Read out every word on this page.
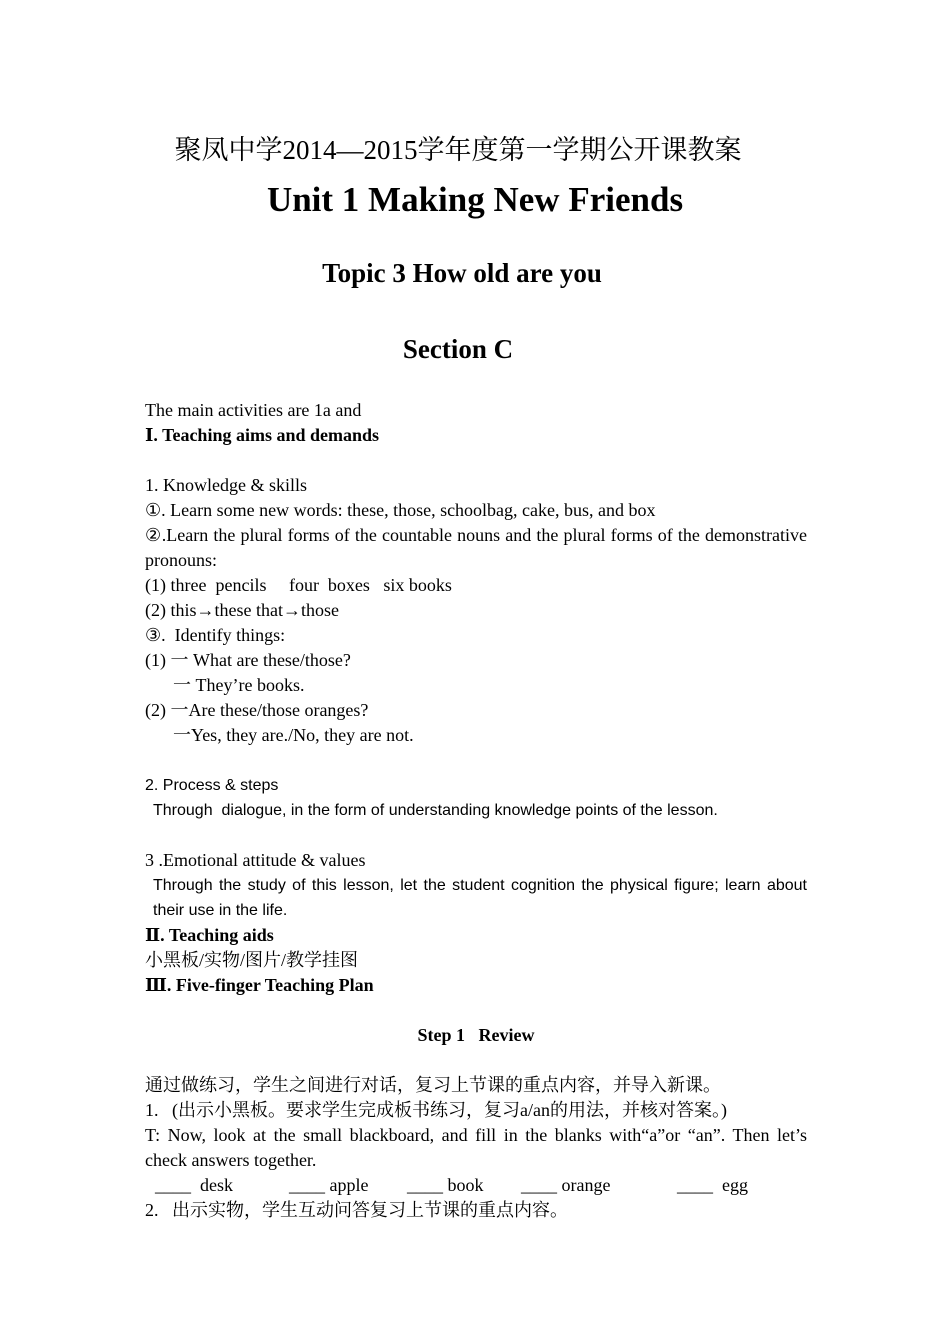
聚凤中学2014—2015学年度第一学期公开课教案
Unit 1 Making New Friends
Topic 3 How old are you
Section C
The main activities are 1a and
Ⅰ. Teaching aims and demands
1. Knowledge & skills
①. Learn some new words: these, those, schoolbag, cake, bus, and box
②.Learn the plural forms of the countable nouns and the plural forms of the demonstrative pronouns:
(1) three  pencils     four  boxes   six books
(2) this→these that→those
③.  Identify things:
(1) 一 What are these/those?
一 They’re books.
(2) 一Are these/those oranges?
一Yes, they are./No, they are not.
2. Process & steps
Through  dialogue, in the form of understanding knowledge points of the lesson.
3 .Emotional attitude & values
Through the study of this lesson, let the student cognition the physical figure; learn about their use in the life.
Ⅱ. Teaching aids
小黑板/实物/图片/教学挂图
Ⅲ. Five-finger Teaching Plan
Step 1   Review
通过做练习，学生之间进行对话，复习上节课的重点内容，并导入新课。
1.   (出示小黑板。要求学生完成板书练习，复习a/an的用法，并核对答案。)
T: Now, look at the small blackboard, and fill in the blanks with“a”or “an”. Then let’s check answers together.
____  desk	____ apple ____ book ____ orange	____  egg
2.   出示实物，学生互动问答复习上节课的重点内容。
